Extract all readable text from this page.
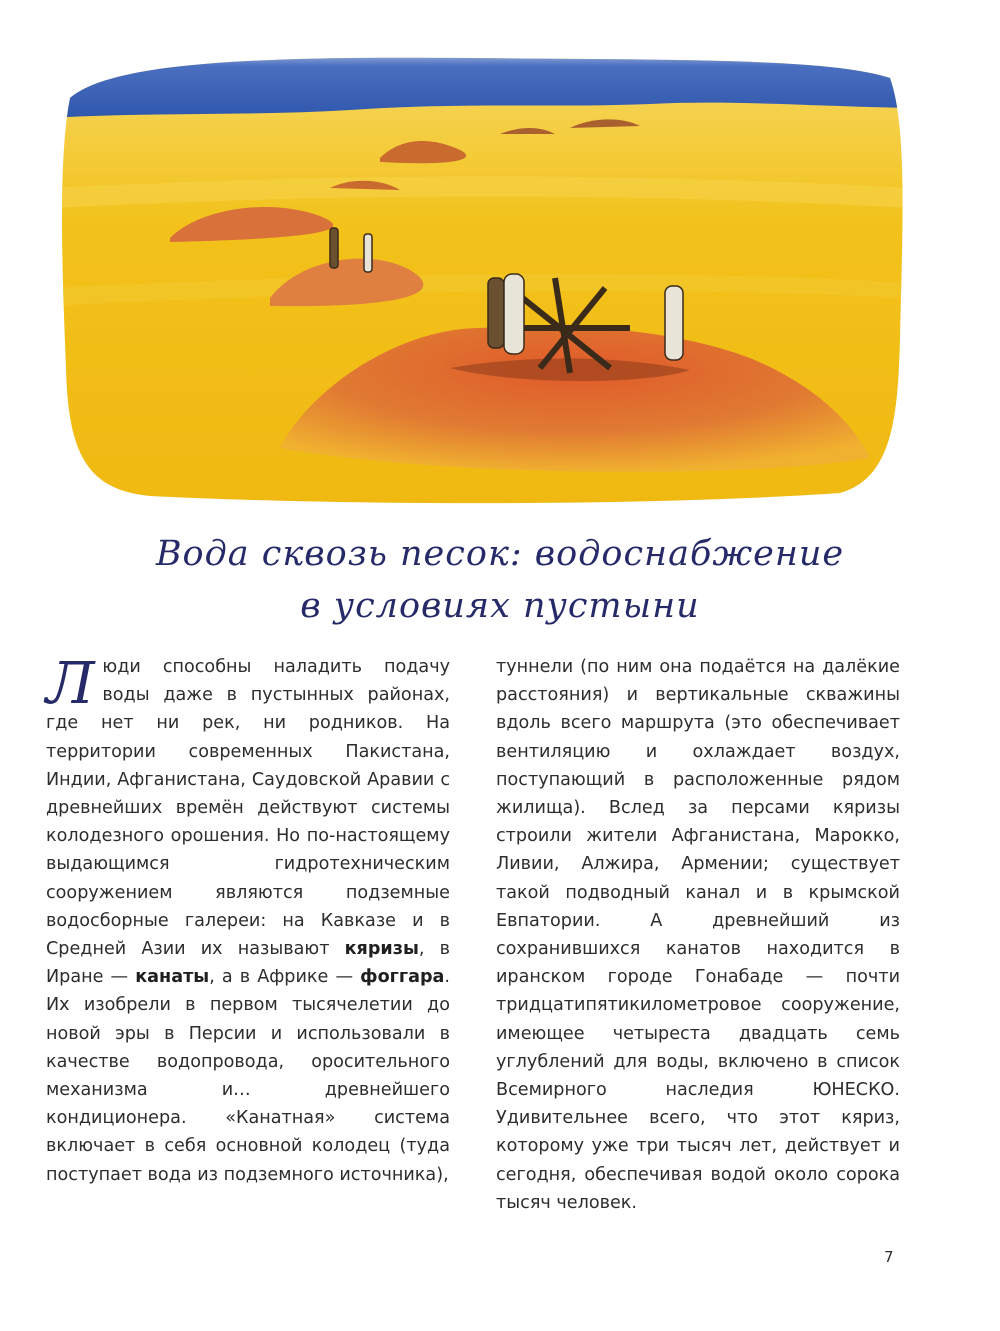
Вода сквозь песок: водоснабжение
в условиях пустыни
Люди способны наладить подачу воды даже в пустынных районах, где нет ни рек, ни родников. На территории современных Пакистана, Индии, Афганистана, Саудовской Аравии с древнейших времён действуют системы колодезного орошения. Но по-настоящему выдающимся гидротехническим сооружением являются подземные водосборные галереи: на Кавказе и в Средней Азии их называют кяризы, в Иране — канаты, а в Африке — фоггара. Их изобрели в первом тысячелетии до новой эры в Персии и использовали в качестве водопровода, оросительного механизма и… древнейшего кондиционера. «Канатная» система включает в себя основной колодец (туда поступает вода из подземного источника),
туннели (по ним она подаётся на далёкие расстояния) и вертикальные скважины вдоль всего маршрута (это обеспечивает вентиляцию и охлаждает воздух, поступающий в расположенные рядом жилища). Вслед за персами кяризы строили жители Афганистана, Марокко, Ливии, Алжира, Армении; существует такой подводный канал и в крымской Евпатории. А древнейший из сохранившихся канатов находится в иранском городе Гонабаде — почти тридцатипятикилометровое сооружение, имеющее четыреста двадцать семь углублений для воды, включено в список Всемирного наследия ЮНЕСКО. Удивительнее всего, что этот кяриз, которому уже три тысяч лет, действует и сегодня, обеспечивая водой около сорока тысяч человек.
7
